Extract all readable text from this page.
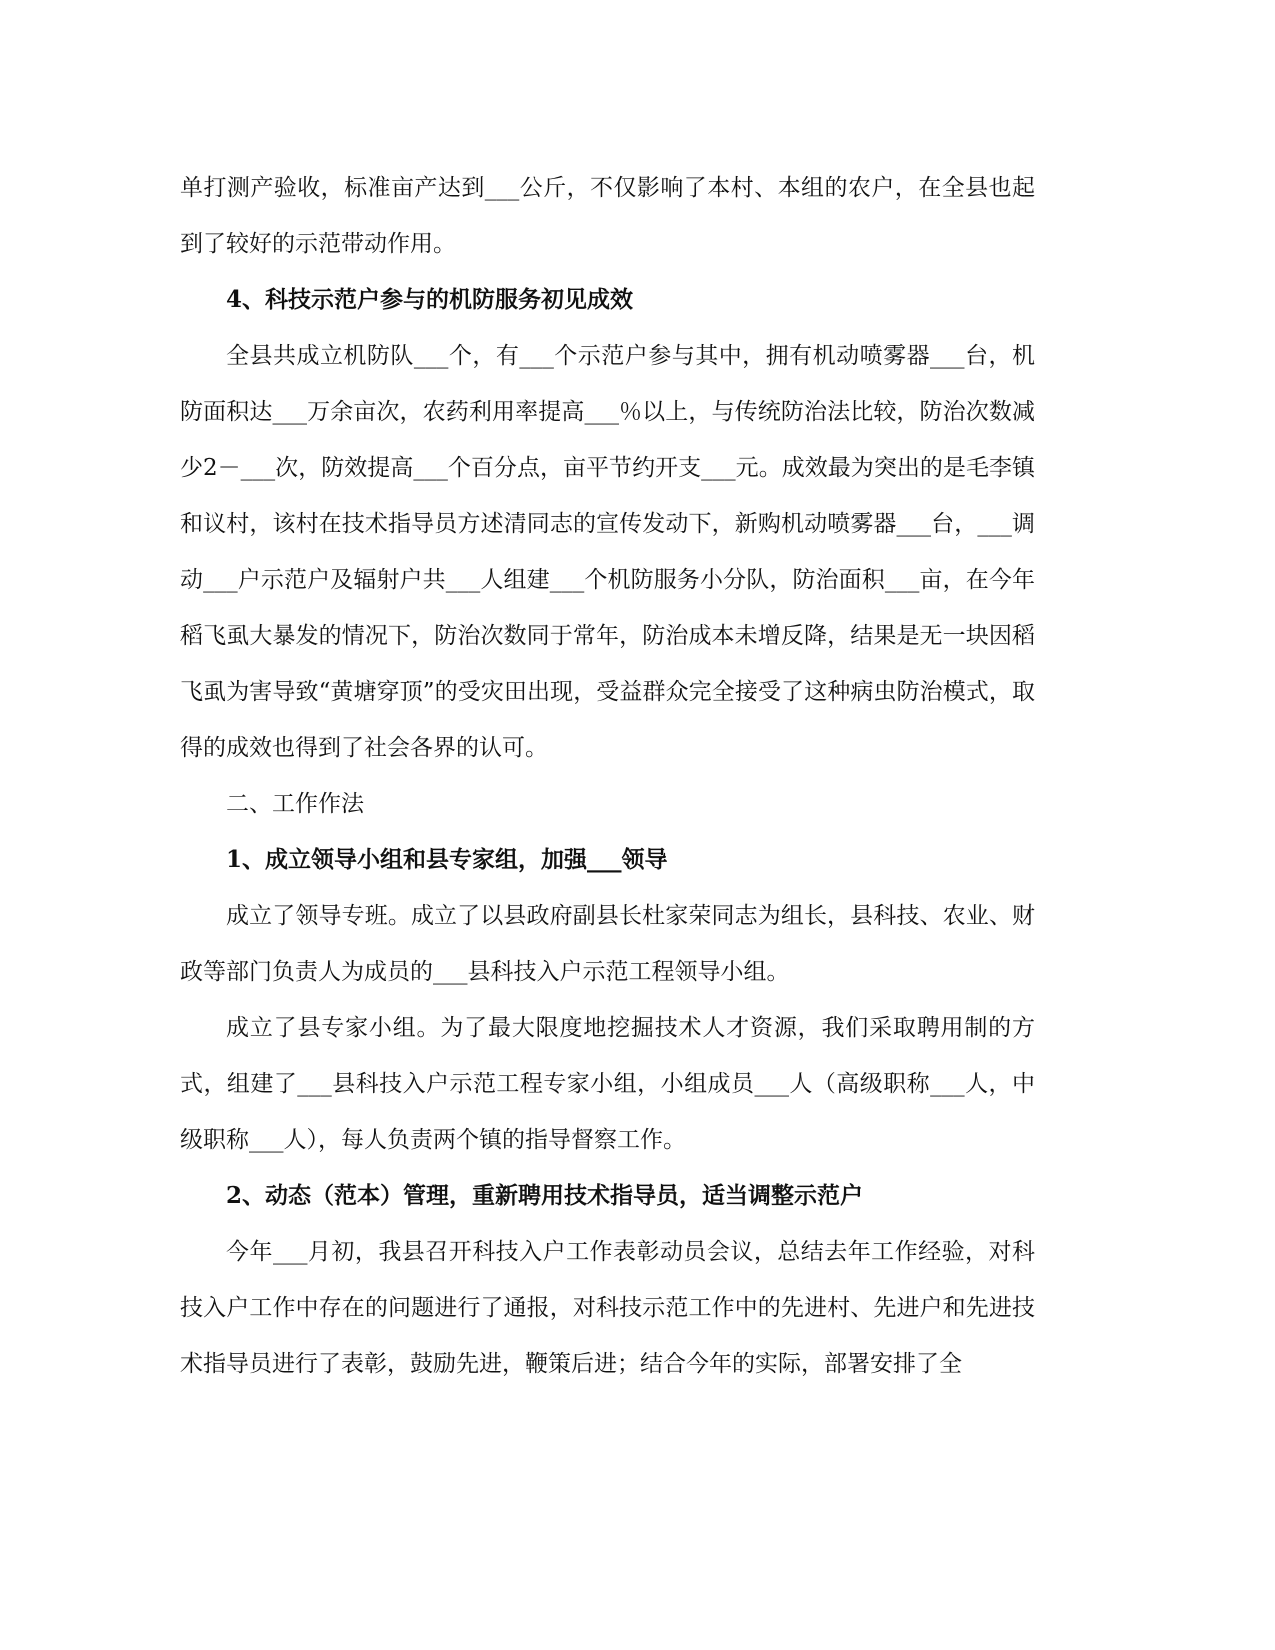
单打测产验收，标准亩产达到___公斤，不仅影响了本村、本组的农户，在全县也起到了较好的示范带动作用。

4、科技示范户参与的机防服务初见成效

全县共成立机防队___个，有___个示范户参与其中，拥有机动喷雾器___台，机防面积达___万余亩次，农药利用率提高___％以上，与传统防治法比较，防治次数减少2－___次，防效提高___个百分点，亩平节约开支___元。成效最为突出的是毛李镇和议村，该村在技术指导员方述清同志的宣传发动下，新购机动喷雾器___台，___调动___户示范户及辐射户共___人组建___个机防服务小分队，防治面积___亩，在今年稻飞虱大暴发的情况下，防治次数同于常年，防治成本未增反降，结果是无一块因稻飞虱为害导致“黄塘穿顶”的受灾田出现，受益群众完全接受了这种病虫防治模式，取得的成效也得到了社会各界的认可。

二、工作作法

1、成立领导小组和县专家组，加强___领导

成立了领导专班。成立了以县政府副县长杜家荣同志为组长，县科技、农业、财政等部门负责人为成员的___县科技入户示范工程领导小组。

成立了县专家小组。为了最大限度地挖掘技术人才资源，我们采取聘用制的方式，组建了___县科技入户示范工程专家小组，小组成员___人（高级职称___人，中级职称___人），每人负责两个镇的指导督察工作。

2、动态（范本）管理，重新聘用技术指导员，适当调整示范户

今年___月初，我县召开科技入户工作表彰动员会议，总结去年工作经验，对科技入户工作中存在的问题进行了通报，对科技示范工作中的先进村、先进户和先进技术指导员进行了表彰，鼓励先进，鞭策后进；结合今年的实际，部署安排了全
